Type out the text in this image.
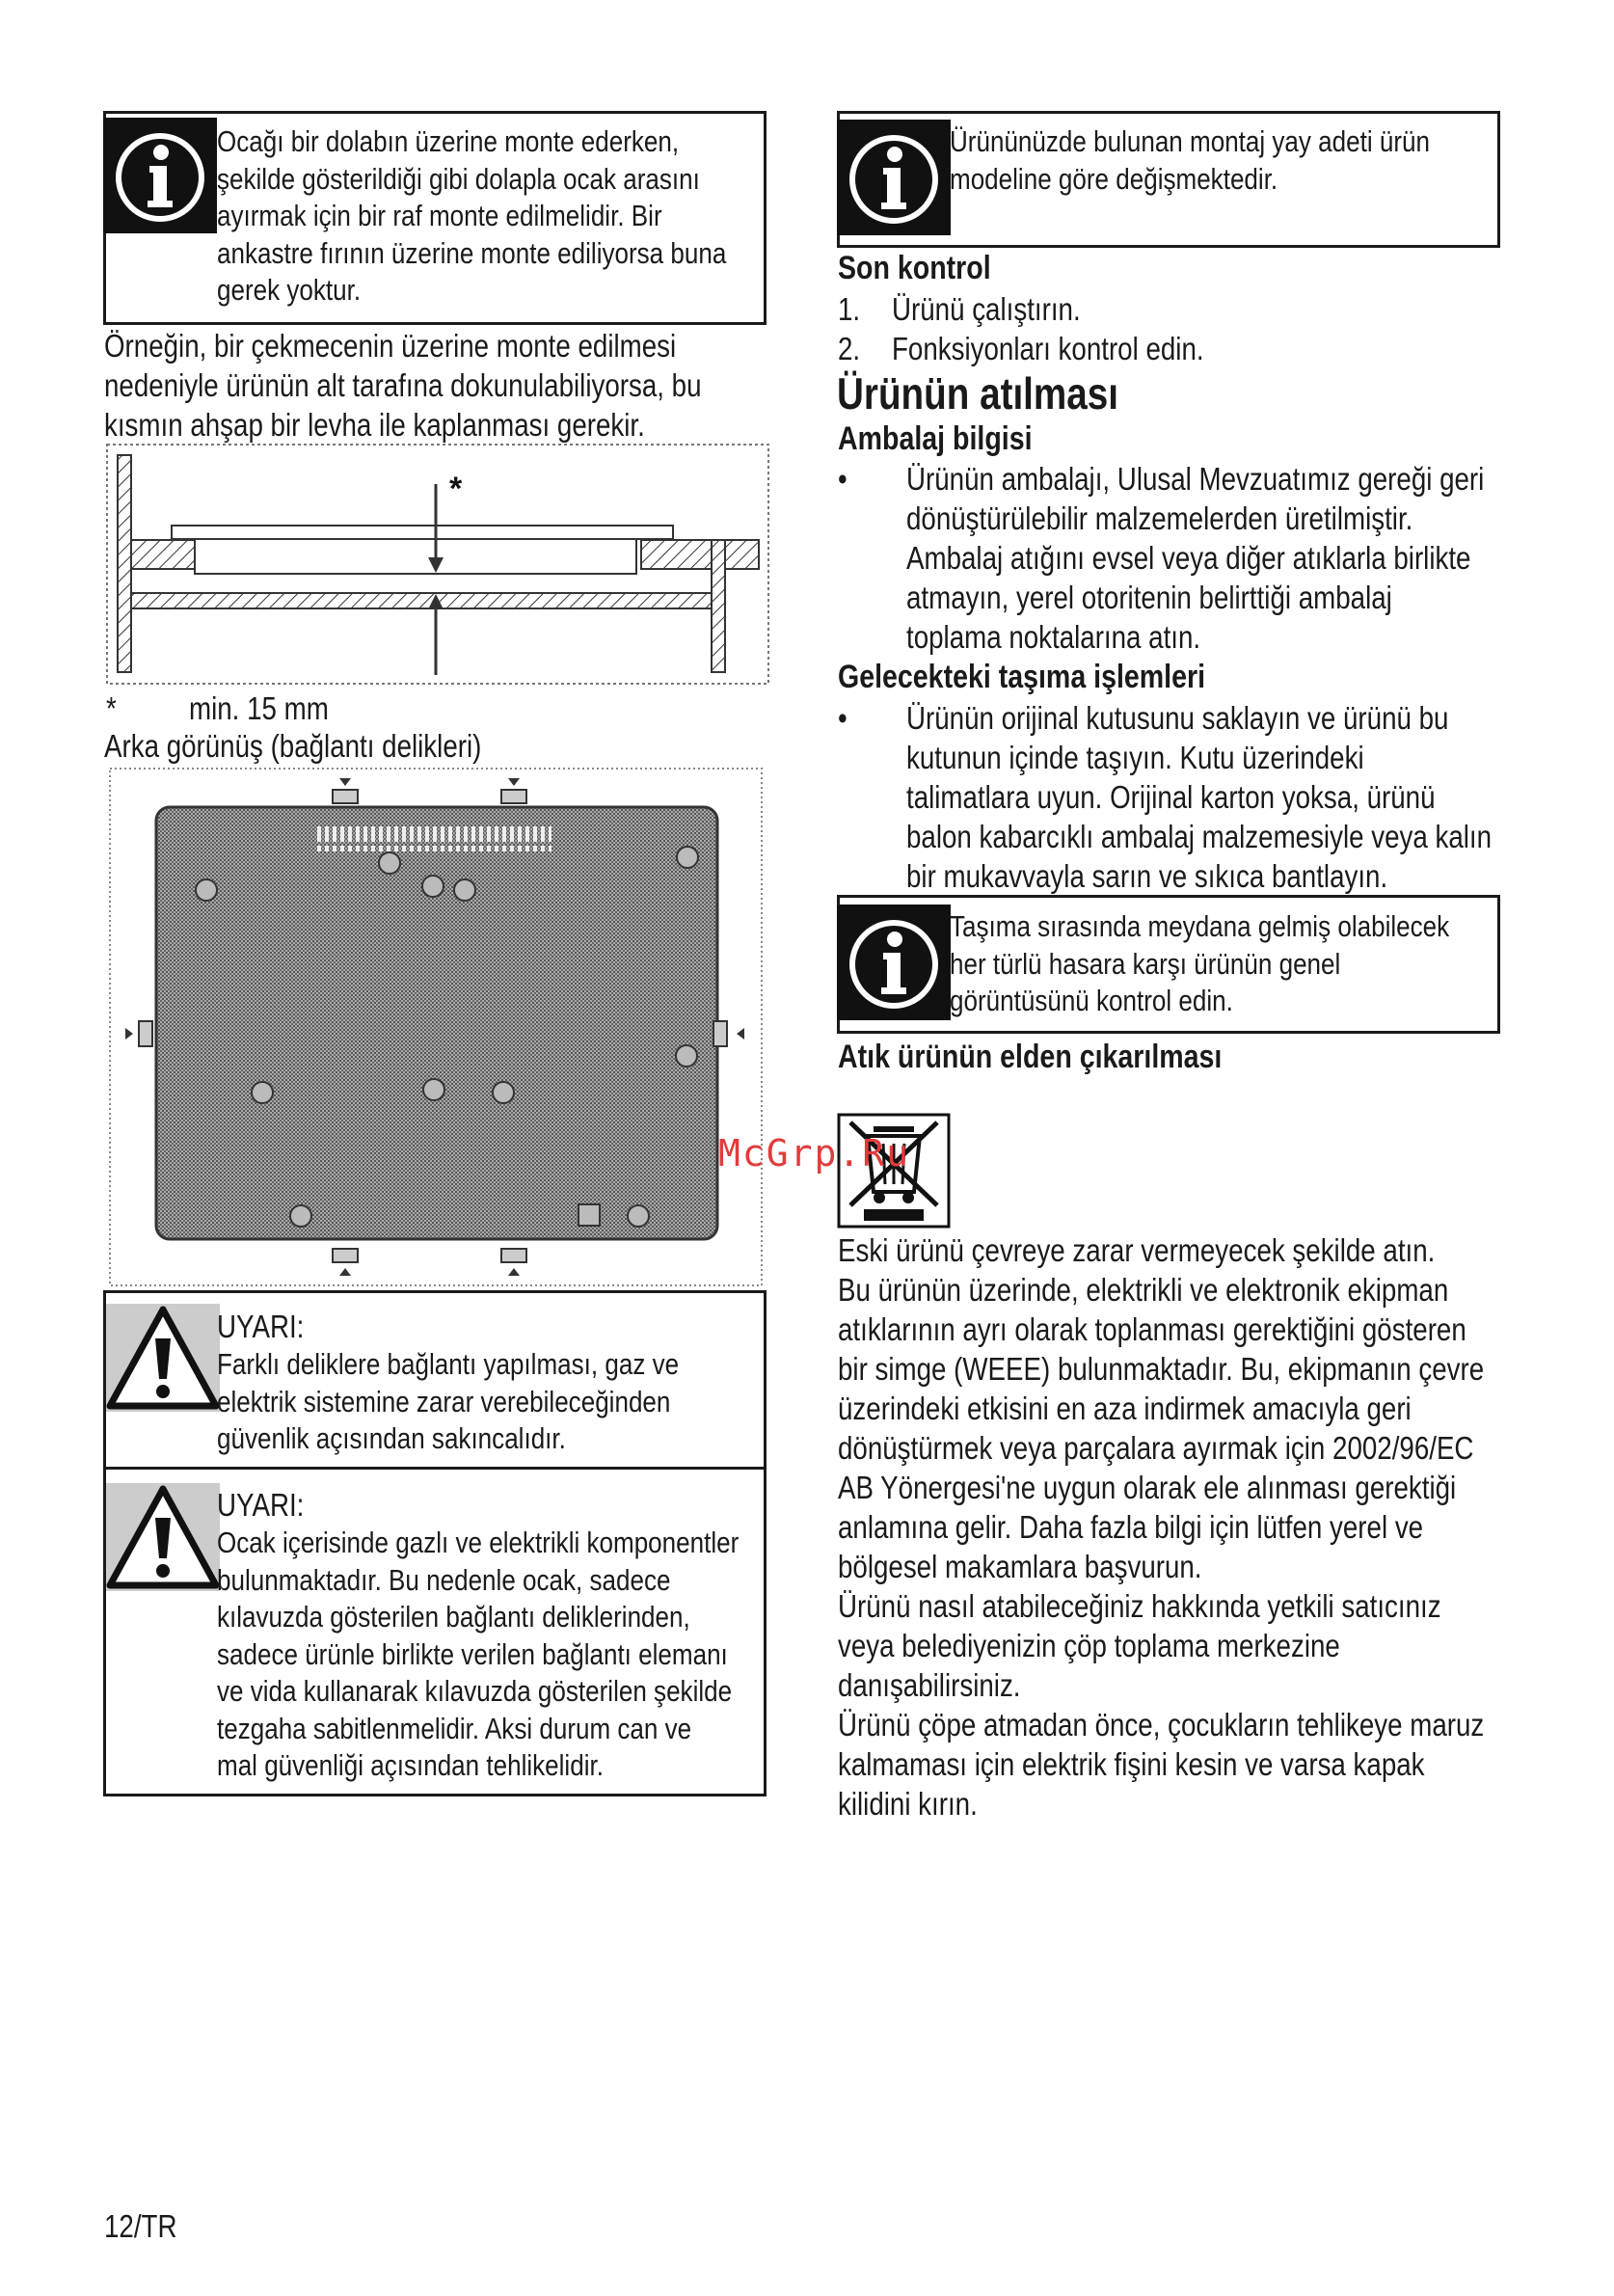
Ocağı bir dolabın üzerine monte ederken,
şekilde gösterildiği gibi dolapla ocak arasını
ayırmak için bir raf monte edilmelidir. Bir
ankastre fırının üzerine monte ediliyorsa buna
gerek yoktur.
Örneğin, bir çekmecenin üzerine monte edilmesi
nedeniyle ürünün alt tarafına dokunulabiliyorsa, bu
kısmın ahşap bir levha ile kaplanması gerekir.
*
* min. 15 mm
Arka görünüş (bağlantı delikleri)
UYARI:
Farklı deliklere bağlantı yapılması, gaz ve
elektrik sistemine zarar verebileceğinden
güvenlik açısından sakıncalıdır.
UYARI:
Ocak içerisinde gazlı ve elektrikli komponentler
bulunmaktadır. Bu nedenle ocak, sadece
kılavuzda gösterilen bağlantı deliklerinden,
sadece ürünle birlikte verilen bağlantı elemanı
ve vida kullanarak kılavuzda gösterilen şekilde
tezgaha sabitlenmelidir. Aksi durum can ve
mal güvenliği açısından tehlikelidir.
Ürününüzde bulunan montaj yay adeti ürün
modeline göre değişmektedir.
Son kontrol
1. Ürünü çalıştırın.
2. Fonksiyonları kontrol edin.
Ürünün atılması
Ambalaj bilgisi
• Ürünün ambalajı, Ulusal Mevzuatımız gereği geri
dönüştürülebilir malzemelerden üretilmiştir.
Ambalaj atığını evsel veya diğer atıklarla birlikte
atmayın, yerel otoritenin belirttiği ambalaj
toplama noktalarına atın.
Gelecekteki taşıma işlemleri
• Ürünün orijinal kutusunu saklayın ve ürünü bu
kutunun içinde taşıyın. Kutu üzerindeki
talimatlara uyun. Orijinal karton yoksa, ürünü
balon kabarcıklı ambalaj malzemesiyle veya kalın
bir mukavvayla sarın ve sıkıca bantlayın.
Taşıma sırasında meydana gelmiş olabilecek
her türlü hasara karşı ürünün genel
görüntüsünü kontrol edin.
Atık ürünün elden çıkarılması
McGrp.Ru
Eski ürünü çevreye zarar vermeyecek şekilde atın.
Bu ürünün üzerinde, elektrikli ve elektronik ekipman
atıklarının ayrı olarak toplanması gerektiğini gösteren
bir simge (WEEE) bulunmaktadır. Bu, ekipmanın çevre
üzerindeki etkisini en aza indirmek amacıyla geri
dönüştürmek veya parçalara ayırmak için 2002/96/EC
AB Yönergesi'ne uygun olarak ele alınması gerektiği
anlamına gelir. Daha fazla bilgi için lütfen yerel ve
bölgesel makamlara başvurun.
Ürünü nasıl atabileceğiniz hakkında yetkili satıcınız
veya belediyenizin çöp toplama merkezine
danışabilirsiniz.
Ürünü çöpe atmadan önce, çocukların tehlikeye maruz
kalmaması için elektrik fişini kesin ve varsa kapak
kilidini kırın.
12/TR
